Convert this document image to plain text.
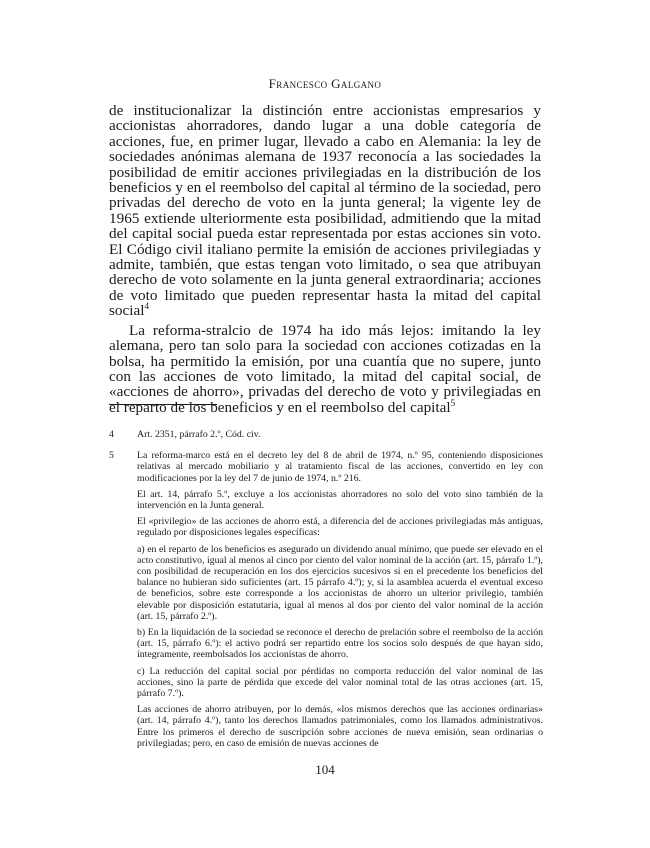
Francesco Galgano

de institucionalizar la distinción entre accionistas empresarios y accionistas ahorradores, dando lugar a una doble categoría de acciones, fue, en primer lugar, llevado a cabo en Alemania: la ley de sociedades anónimas alemana de 1937 reconocía a las sociedades la posibilidad de emitir acciones privilegiadas en la distribución de los beneficios y en el reembolso del capital al término de la sociedad, pero privadas del derecho de voto en la junta general; la vigente ley de 1965 extiende ulteriormente esta posibilidad, admitiendo que la mitad del capital social pueda estar representada por estas acciones sin voto. El Código civil italiano permite la emisión de acciones privilegiadas y admite, también, que estas tengan voto limitado, o sea que atribuyan derecho de voto solamente en la junta general extraordinaria; acciones de voto limitado que pueden representar hasta la mitad del capital social$^4$

La reforma-stralcio de 1974 ha ido más lejos: imitando la ley alemana, pero tan solo para la sociedad con acciones cotizadas en la bolsa, ha permitido la emisión, por una cuantía que no supere, junto con las acciones de voto limitado, la mitad del capital social, de «acciones de ahorro», privadas del derecho de voto y privilegiadas en el reparto de los beneficios y en el reembolso del capital$^5$

4	Art. 2351, párrafo 2.º, Cód. civ.

5	La reforma-marco está en el decreto ley del 8 de abril de 1974, n.º 95, conteniendo disposiciones relativas al mercado mobiliario y al tratamiento fiscal de las acciones, convertido en ley con modificaciones por la ley del 7 de junio de 1974, n.º 216.

El art. 14, párrafo 5.º, excluye a los accionistas ahorradores no solo del voto sino también de la intervención en la Junta general.

El «privilegio» de las acciones de ahorro está, a diferencia del de acciones privilegiadas más antiguas, regulado por disposiciones legales específicas:

a) en el reparto de los beneficios es asegurado un dividendo anual mínimo, que puede ser elevado en el acto constitutivo, igual al menos al cinco por ciento del valor nominal de la acción (art. 15, párrafo 1.º), con posibilidad de recuperación en los dos ejercicios sucesivos si en el precedente los beneficios del balance no hubieran sido suficientes (art. 15 párrafo 4.º); y, si la asamblea acuerda el eventual exceso de beneficios, sobre este corresponde a los accionistas de ahorro un ulterior privilegio, también elevable por disposición estatutaria, igual al menos al dos por ciento del valor nominal de la acción (art. 15, párrafo 2.º).

b) En la liquidación de la sociedad se reconoce el derecho de prelación sobre el reembolso de la acción (art. 15, párrafo 6.º): el activo podrá ser repartido entre los socios solo después de que hayan sido, íntegramente, reembolsados los accionistas de ahorro.

c) La reducción del capital social por pérdidas no comporta reducción del valor nominal de las acciones, sino la parte de pérdida que excede del valor nominal total de las otras acciones (art. 15, párrafo 7.º).

Las acciones de ahorro atribuyen, por lo demás, «los mismos derechos que las acciones ordinarias» (art. 14, párrafo 4.º), tanto los derechos llamados patrimoniales, como los llamados administrativos. Entre los primeros el derecho de suscripción sobre acciones de nueva emisión, sean ordinarias o privilegiadas; pero, en caso de emisión de nuevas acciones de

104
